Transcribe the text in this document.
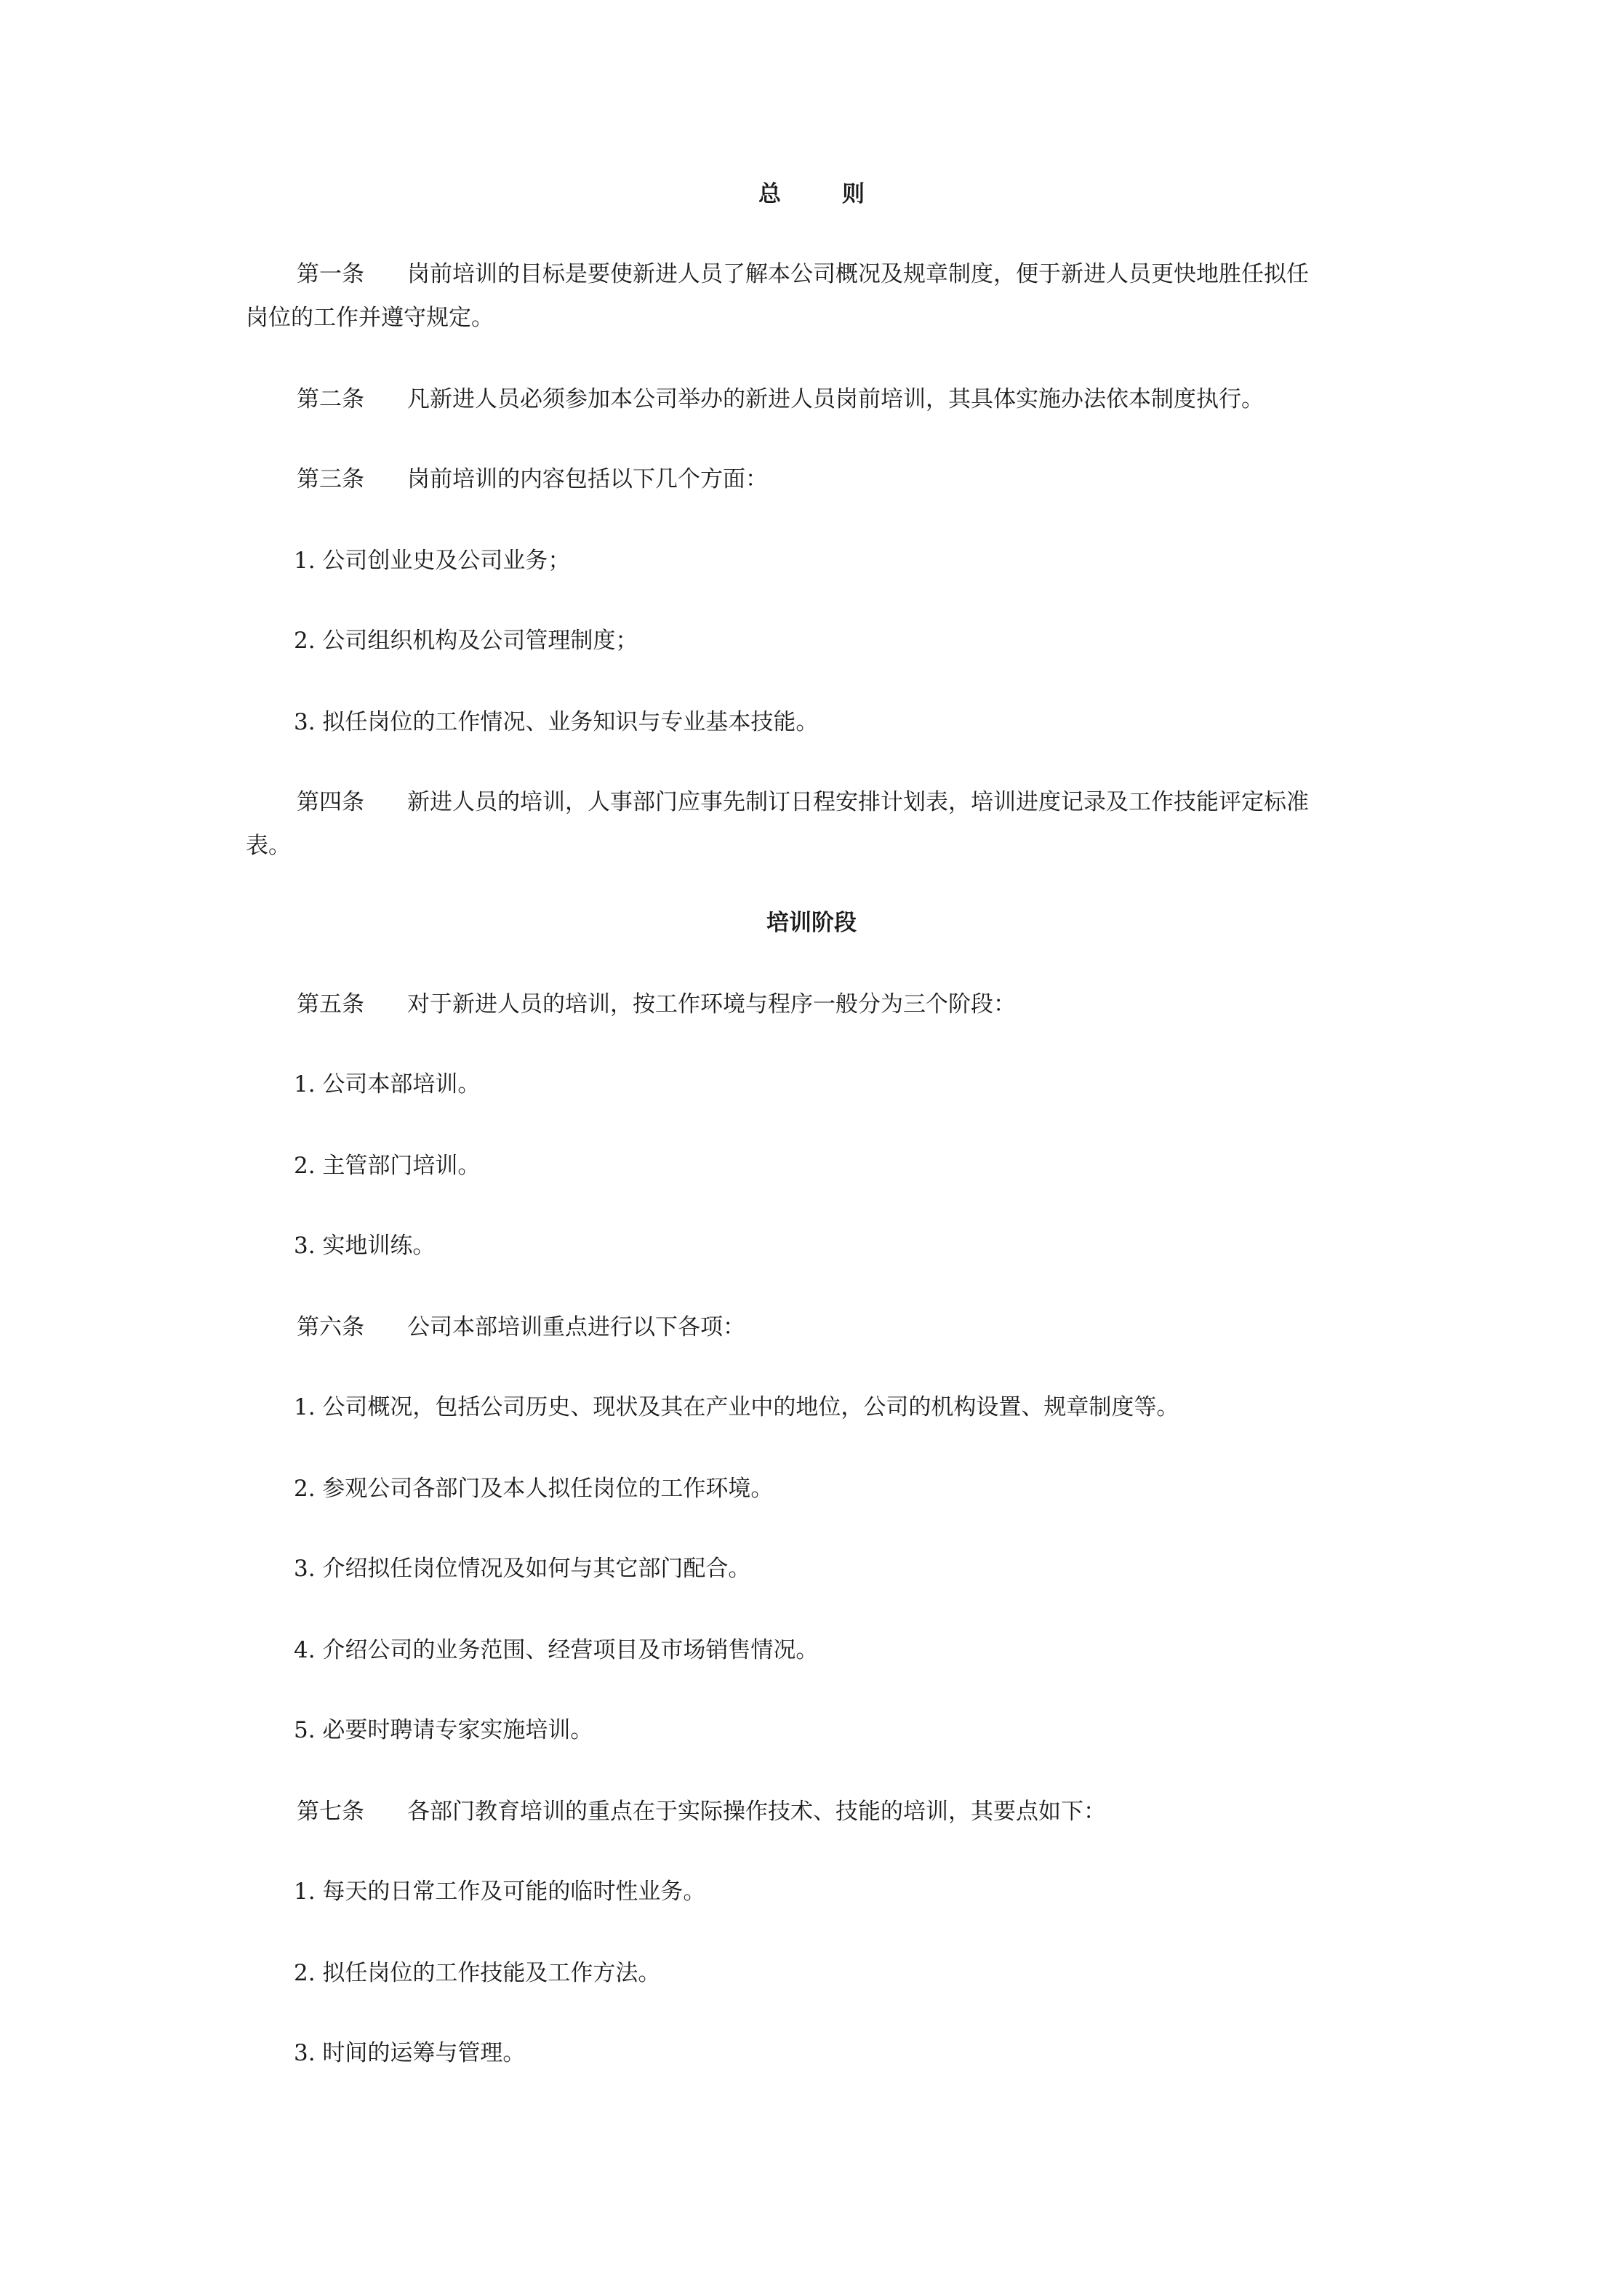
总则

第一条 岗前培训的目标是要使新进人员了解本公司概况及规章制度，便于新进人员更快地胜任拟任

岗位的工作并遵守规定。

第二条 凡新进人员必须参加本公司举办的新进人员岗前培训，其具体实施办法依本制度执行。

第三条 岗前培训的内容包括以下几个方面：

1. 公司创业史及公司业务；

2. 公司组织机构及公司管理制度；

3. 拟任岗位的工作情况、业务知识与专业基本技能。

第四条 新进人员的培训，人事部门应事先制订日程安排计划表，培训进度记录及工作技能评定标准

表。

培训阶段

第五条 对于新进人员的培训，按工作环境与程序一般分为三个阶段：

1. 公司本部培训。

2. 主管部门培训。

3. 实地训练。

第六条 公司本部培训重点进行以下各项：

1. 公司概况，包括公司历史、现状及其在产业中的地位，公司的机构设置、规章制度等。

2. 参观公司各部门及本人拟任岗位的工作环境。

3. 介绍拟任岗位情况及如何与其它部门配合。

4. 介绍公司的业务范围、经营项目及市场销售情况。

5. 必要时聘请专家实施培训。

第七条 各部门教育培训的重点在于实际操作技术、技能的培训，其要点如下：

1. 每天的日常工作及可能的临时性业务。

2. 拟任岗位的工作技能及工作方法。

3. 时间的运筹与管理。
